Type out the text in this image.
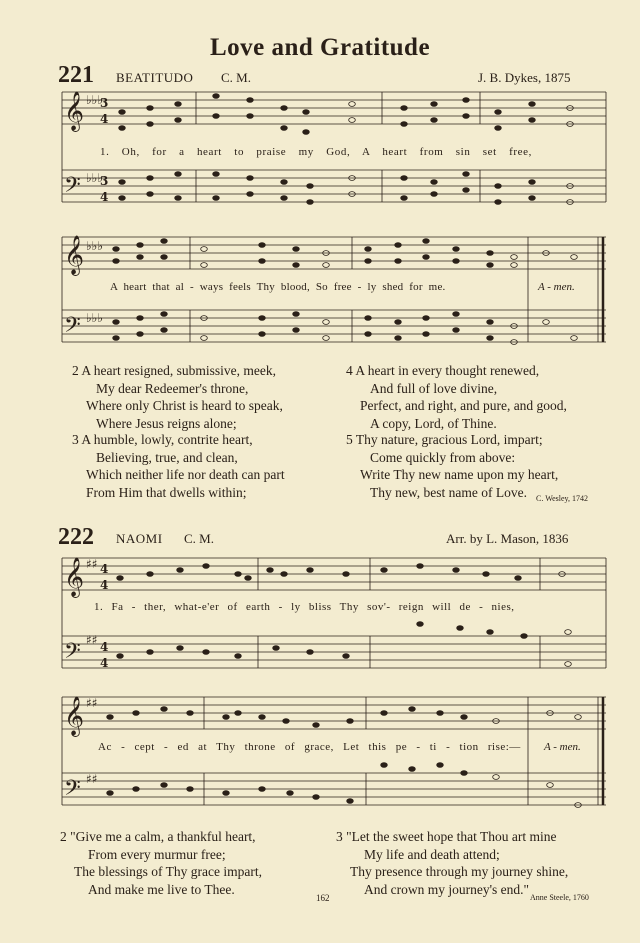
Love and Gratitude
221 BEATITUDO C. M.	J. B. Dykes, 1875
𝄞
𝄢
𝄞
𝄢
𝄞
𝄢
𝄞
𝄢
♭♭♭
♭♭♭
♭♭♭
♭♭♭
♯♯
♯♯
♯♯
♯♯
3
4
3
4
4
4
4
4
1. Oh, for a heart to praise my God, A heart from sin set free,
A heart that al - ways feels Thy blood, So free - ly shed for me.	A - men.
2 A heart resigned, submissive, meek,
My dear Redeemer's throne,
Where only Christ is heard to speak,
Where Jesus reigns alone;
3 A humble, lowly, contrite heart,
Believing, true, and clean,
Which neither life nor death can part
From Him that dwells within;
4 A heart in every thought renewed,
And full of love divine,
Perfect, and right, and pure, and good,
A copy, Lord, of Thine.
5 Thy nature, gracious Lord, impart;
Come quickly from above:
Write Thy new name upon my heart,
Thy new, best name of Love.	C. Wesley, 1742
222 NAOMI C. M.	Arr. by L. Mason, 1836
1. Fa - ther, what-e'er of earth - ly bliss Thy sov'- reign will de - nies,
Ac - cept - ed at Thy throne of grace, Let this pe - ti - tion rise:— A - men.
2 "Give me a calm, a thankful heart,
From every murmur free;
The blessings of Thy grace impart,
And make me live to Thee.
3 "Let the sweet hope that Thou art mine
My life and death attend;
Thy presence through my journey shine,
And crown my journey's end."
162	Anne Steele, 1760
